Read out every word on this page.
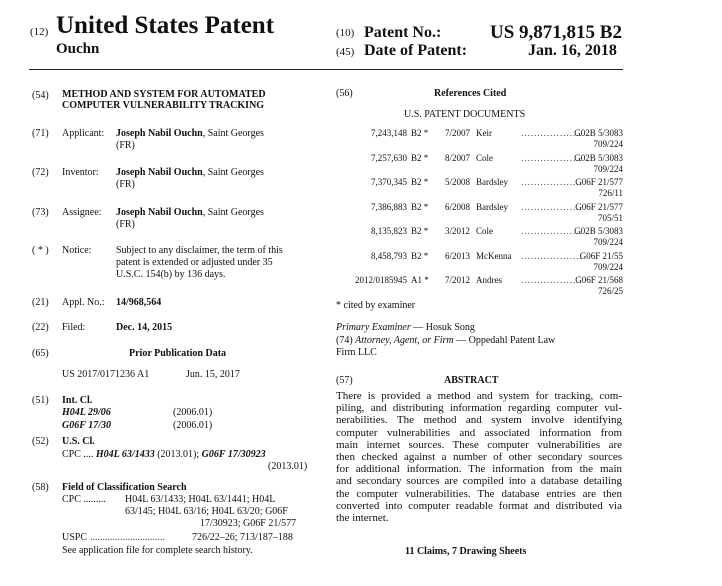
(12) United States Patent
Ouchn
(10) Patent No.:	US 9,871,815 B2
(45) Date of Patent:	Jan. 16, 2018
(54) METHOD AND SYSTEM FOR AUTOMATED
COMPUTER VULNERABILITY TRACKING
(71) Applicant: Joseph Nabil Ouchn, Saint Georges
(FR)
(72) Inventor: Joseph Nabil Ouchn, Saint Georges
(FR)
(73) Assignee: Joseph Nabil Ouchn, Saint Georges
(FR)
( * ) Notice: Subject to any disclaimer, the term of this
patent is extended or adjusted under 35
U.S.C. 154(b) by 136 days.
(21) Appl. No.: 14/968,564
(22) Filed:	Dec. 14, 2015
(65)	Prior Publication Data
US 2017/0171236 A1	Jun. 15, 2017
(51) Int. Cl.
H04L 29/06	(2006.01)
G06F 17/30	(2006.01)
(52) U.S. Cl.
CPC .... H04L 63/1433 (2013.01); G06F 17/30923
(2013.01)
(58) Field of Classification Search
CPC ......... H04L 63/1433; H04L 63/1441; H04L
63/145; H04L 63/16; H04L 63/20; G06F
17/30923; G06F 21/577
USPC ..............................	726/22–26; 713/187–188
See application file for complete search history.
(56)	References Cited
U.S. PATENT DOCUMENTS
7,243,148 B2 * 7/2007 Keir	...................
G02B 5/3083
709/224
7,257,630 B2 * 8/2007 Cole	...................
G02B 5/3083
709/224
7,370,345 B2 * 5/2008 Bardsley ...................
G06F 21/577
726/11
7,386,883 B2 * 6/2008 Bardsley ...................
G06F 21/577
705/51
8,135,823 B2 * 3/2012 Cole	...................
G02B 5/3083
709/224
8,458,793 B2 * 6/2013 McKenna ...................
G06F 21/55
709/224
2012/0185945 A1 * 7/2012 Andres ...................
G06F 21/568
726/25
* cited by examiner
Primary Examiner — Hosuk Song
(74) Attorney, Agent, or Firm — Oppedahl Patent Law
Firm LLC
(57)	ABSTRACT
There is provided a method and system for tracking, com-
piling, and distributing information regarding computer vul-
nerabilities. The method and system involve identifying
computer vulnerabilities and associated information from
main internet sources. These computer vulnerabilities are
then checked against a number of other secondary sources
for additional information. The information from the main
and secondary sources are compiled into a database detailing
the computer vulnerabilities. The database entries are then
converted into computer readable format and distributed via
the internet.
11 Claims, 7 Drawing Sheets
